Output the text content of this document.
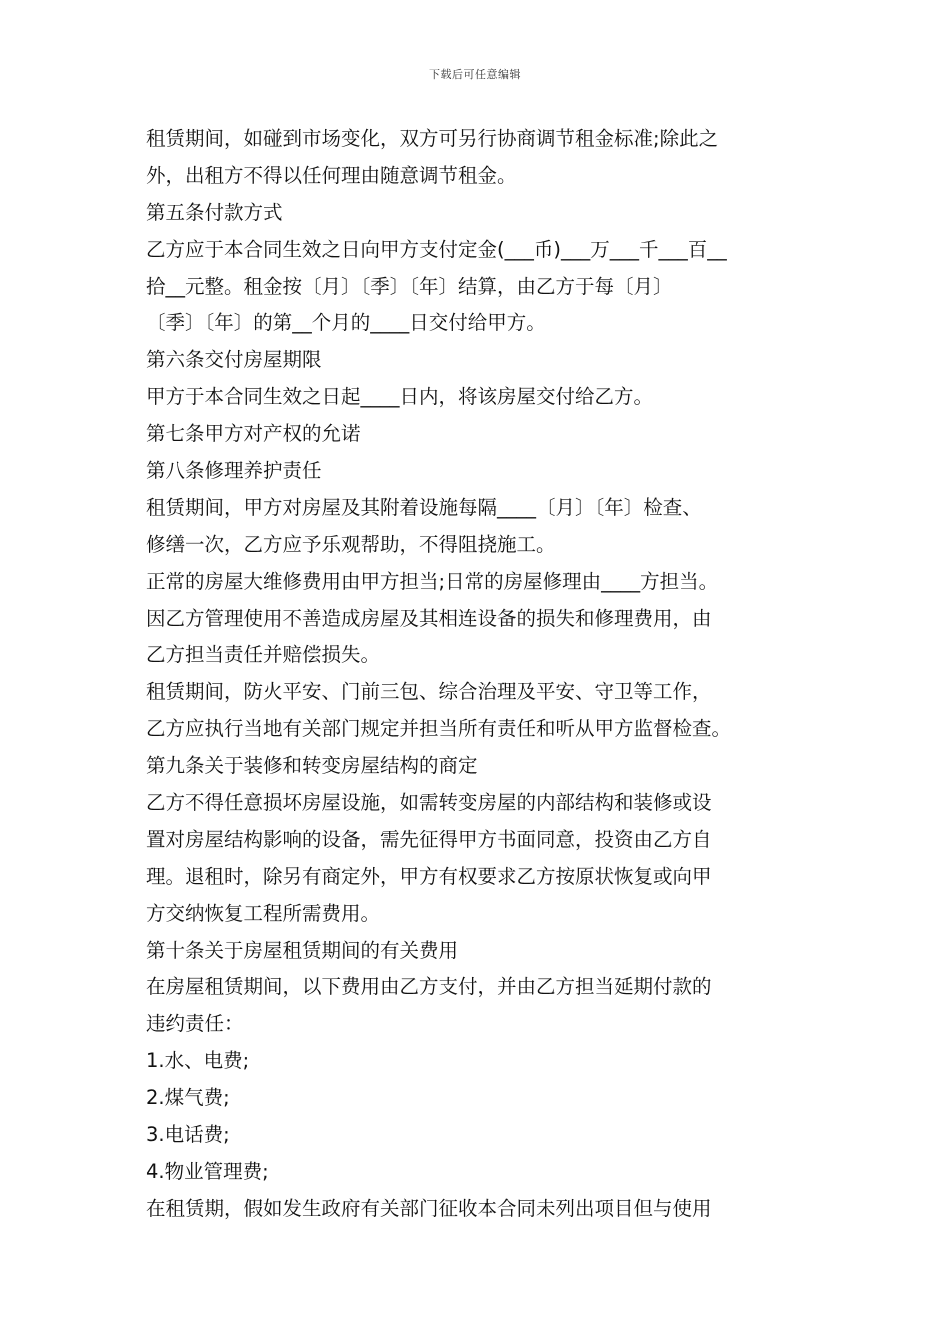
下载后可任意编辑
租赁期间，如碰到市场变化，双方可另行协商调节租金标准;除此之
外，出租方不得以任何理由随意调节租金。
第五条付款方式
乙方应于本合同生效之日向甲方支付定金(___币)___万___千___百__
拾__元整。租金按〔月〕〔季〕〔年〕结算，由乙方于每〔月〕
〔季〕〔年〕的第__个月的____日交付给甲方。
第六条交付房屋期限
甲方于本合同生效之日起____日内，将该房屋交付给乙方。
第七条甲方对产权的允诺
第八条修理养护责任
租赁期间，甲方对房屋及其附着设施每隔____〔月〕〔年〕检查、
修缮一次，乙方应予乐观帮助，不得阻挠施工。
正常的房屋大维修费用由甲方担当;日常的房屋修理由____方担当。
因乙方管理使用不善造成房屋及其相连设备的损失和修理费用，由
乙方担当责任并赔偿损失。
租赁期间，防火平安、门前三包、综合治理及平安、守卫等工作，
乙方应执行当地有关部门规定并担当所有责任和听从甲方监督检查。
第九条关于装修和转变房屋结构的商定
乙方不得任意损坏房屋设施，如需转变房屋的内部结构和装修或设
置对房屋结构影响的设备，需先征得甲方书面同意，投资由乙方自
理。退租时，除另有商定外，甲方有权要求乙方按原状恢复或向甲
方交纳恢复工程所需费用。
第十条关于房屋租赁期间的有关费用
在房屋租赁期间，以下费用由乙方支付，并由乙方担当延期付款的
违约责任：
1.水、电费;
2.煤气费;
3.电话费;
4.物业管理费;
在租赁期，假如发生政府有关部门征收本合同未列出项目但与使用
